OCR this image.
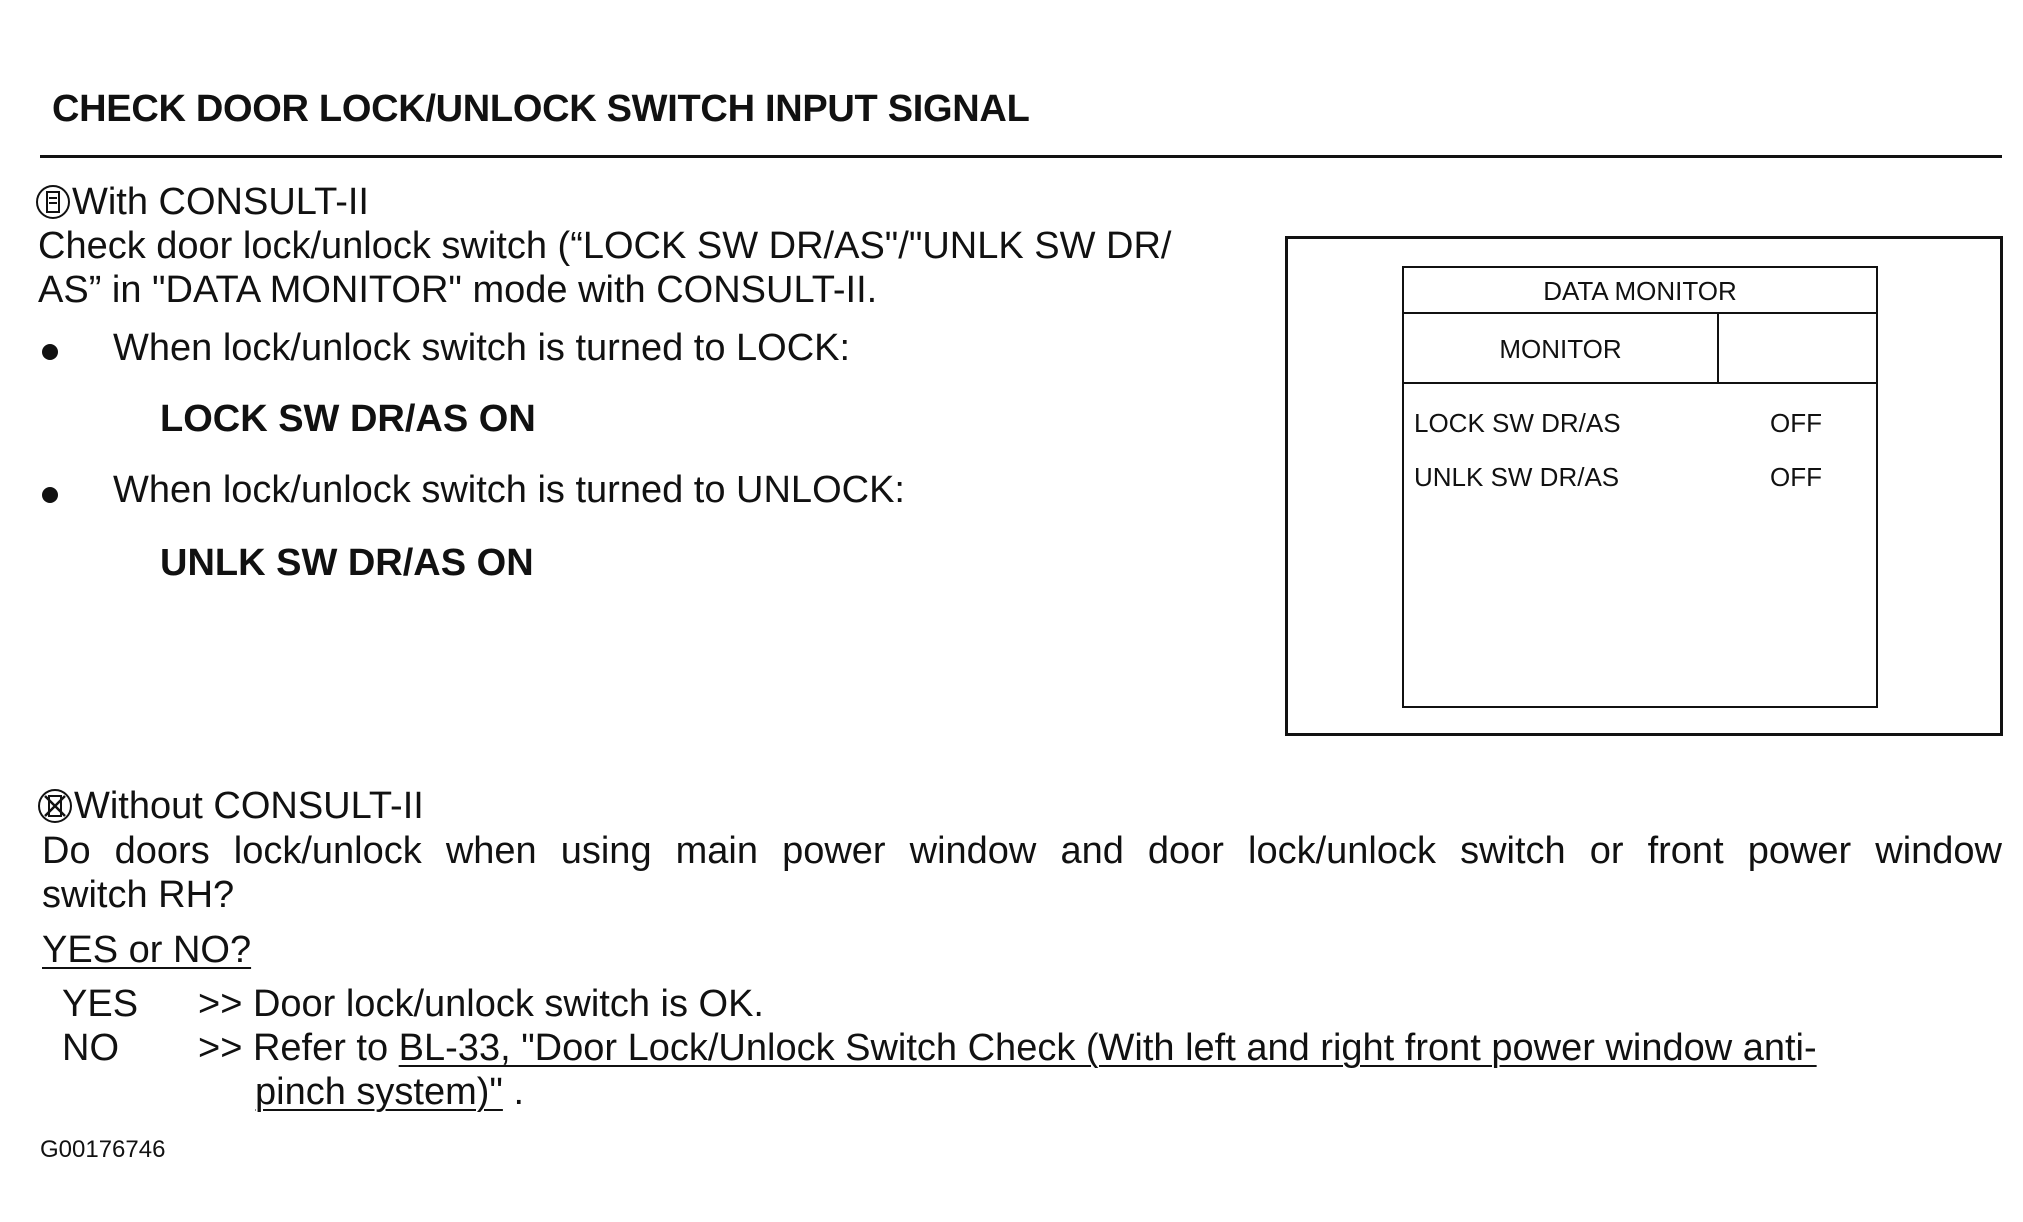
CHECK DOOR LOCK/UNLOCK SWITCH INPUT SIGNAL
With CONSULT-II
Check door lock/unlock switch (“LOCK SW DR/AS"/"UNLK SW DR/
AS” in "DATA MONITOR" mode with CONSULT-II.
When lock/unlock switch is turned to LOCK:
LOCK SW DR/AS ON
When lock/unlock switch is turned to UNLOCK:
UNLK SW DR/AS ON
DATA MONITOR
MONITOR
LOCK SW DR/AS	OFF
UNLK SW DR/AS	OFF
Without CONSULT-II
Do doors lock/unlock when using main power window and door lock/unlock switch or front power window
switch RH?
YES or NO?
YES >> Door lock/unlock switch is OK.
NO >> Refer to BL-33, "Door Lock/Unlock Switch Check (With left and right front power window anti-
pinch system)" .
G00176746
